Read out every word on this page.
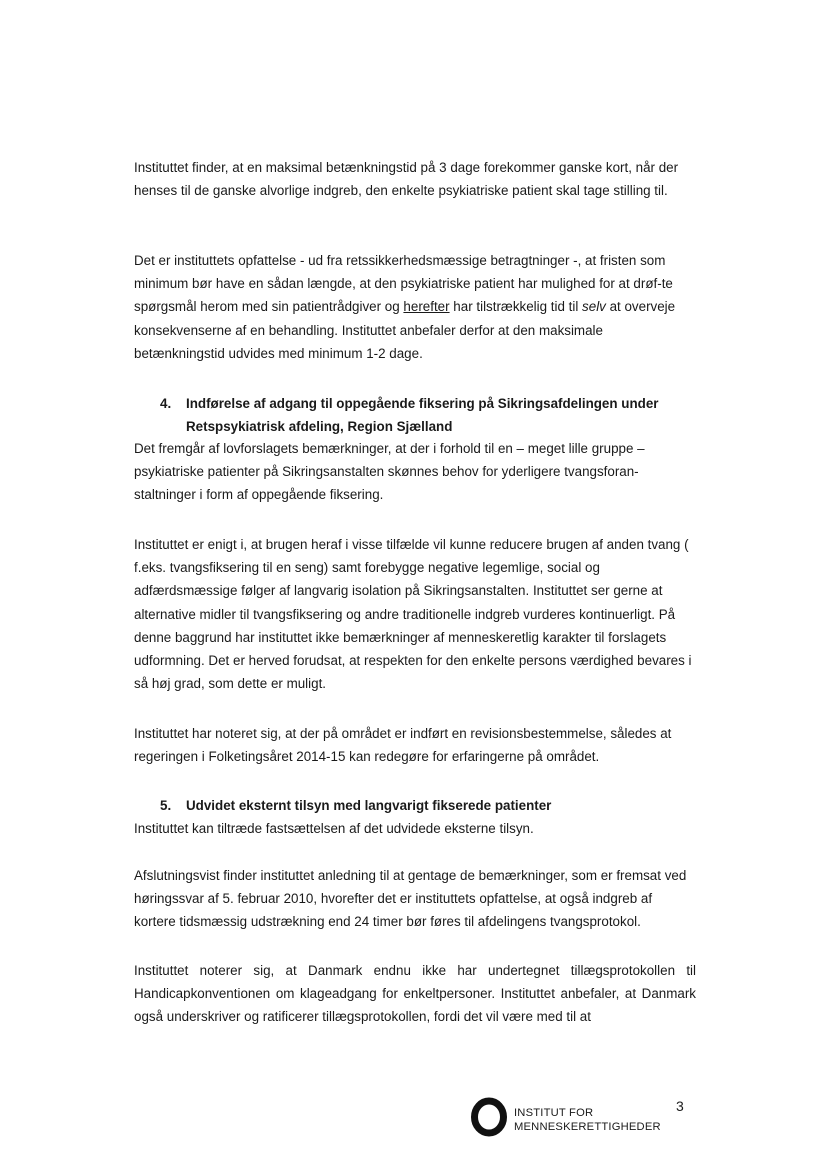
Instituttet finder, at en maksimal betænkningstid på 3 dage forekommer ganske kort, når der henses til de ganske alvorlige indgreb, den enkelte psykiatriske patient skal tage stilling til.

Det er instituttets opfattelse - ud fra retssikkerhedsmæssige betragtninger -, at fristen som minimum bør have en sådan længde, at den psykiatriske patient har mulighed for at drøf-te spørgsmål herom med sin patientrådgiver og herefter har tilstrækkelig tid til selv at overveje konsekvenserne af en behandling. Instituttet anbefaler derfor at den maksimale betænkningstid udvides med minimum 1-2 dage.

4. Indførelse af adgang til oppegående fiksering på Sikringsafdelingen under
Retspsykiatrisk afdeling, Region Sjælland

Det fremgår af lovforslagets bemærkninger, at der i forhold til en – meget lille gruppe – psykiatriske patienter på Sikringsanstalten skønnes behov for yderligere tvangsforan-staltninger i form af oppegående fiksering.

Instituttet er enigt i, at brugen heraf i visse tilfælde vil kunne reducere brugen af anden tvang ( f.eks. tvangsfiksering til en seng) samt forebygge negative legemlige, social og adfærdsmæssige følger af langvarig isolation på Sikringsanstalten. Instituttet ser gerne at alternative midler til tvangsfiksering og andre traditionelle indgreb vurderes kontinuerligt. På denne baggrund har instituttet ikke bemærkninger af menneskeretlig karakter til forslagets udformning. Det er herved forudsat, at respekten for den enkelte persons værdighed bevares i så høj grad, som dette er muligt.

Instituttet har noteret sig, at der på området er indført en revisionsbestemmelse, således at regeringen i Folketingsåret 2014-15 kan redegøre for erfaringerne på området.

5. Udvidet eksternt tilsyn med langvarigt fikserede patienter

Instituttet kan tiltræde fastsættelsen af det udvidede eksterne tilsyn.

Afslutningsvist finder instituttet anledning til at gentage de bemærkninger, som er fremsat ved høringssvar af 5. februar 2010, hvorefter det er instituttets opfattelse, at også indgreb af kortere tidsmæssig udstrækning end 24 timer bør føres til afdelingens tvangsprotokol.

Instituttet noterer sig, at Danmark endnu ikke har undertegnet tillægsprotokollen til Handicapkonventionen om klageadgang for enkeltpersoner. Instituttet anbefaler, at Danmark også underskriver og ratificerer tillægsprotokollen, fordi det vil være med til at

INSTITUT FOR
MENNESKERETTIGHEDER
3
